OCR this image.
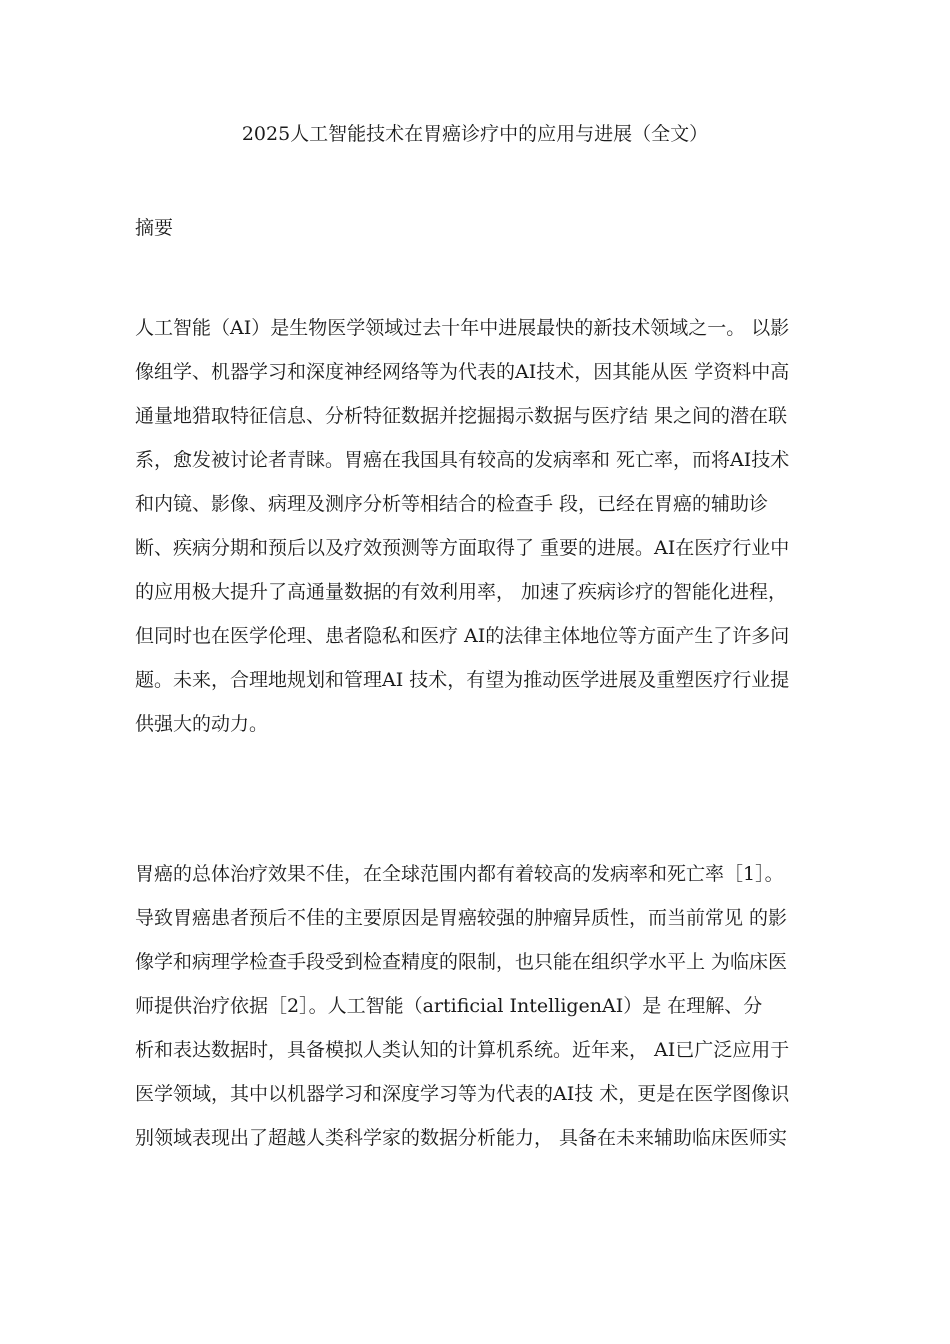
2025人工智能技术在胃癌诊疗中的应用与进展（全文）
摘要
人工智能（AI）是生物医学领域过去十年中进展最快的新技术领域之一。 以影
像组学、机器学习和深度神经网络等为代表的AI技术，因其能从医 学资料中高
通量地猎取特征信息、分析特征数据并挖掘揭示数据与医疗结 果之间的潜在联
系，愈发被讨论者青睐。胃癌在我国具有较高的发病率和 死亡率，而将AI技术
和内镜、影像、病理及测序分析等相结合的检查手 段，已经在胃癌的辅助诊
断、疾病分期和预后以及疗效预测等方面取得了 重要的进展。AI在医疗行业中
的应用极大提升了高通量数据的有效利用率， 加速了疾病诊疗的智能化进程，
但同时也在医学伦理、患者隐私和医疗 AI的法律主体地位等方面产生了许多问
题。未来，合理地规划和管理AI 技术，有望为推动医学进展及重塑医疗行业提
供强大的动力。
胃癌的总体治疗效果不佳，在全球范围内都有着较高的发病率和死亡率［1］。
导致胃癌患者预后不佳的主要原因是胃癌较强的肿瘤异质性，而当前常见 的影
像学和病理学检查手段受到检查精度的限制，也只能在组织学水平上 为临床医
师提供治疗依据［2］。人工智能（artificial IntelligenAI）是 在理解、分
析和表达数据时，具备模拟人类认知的计算机系统。近年来， AI已广泛应用于
医学领域，其中以机器学习和深度学习等为代表的AI技 术，更是在医学图像识
别领域表现出了超越人类科学家的数据分析能力， 具备在未来辅助临床医师实
